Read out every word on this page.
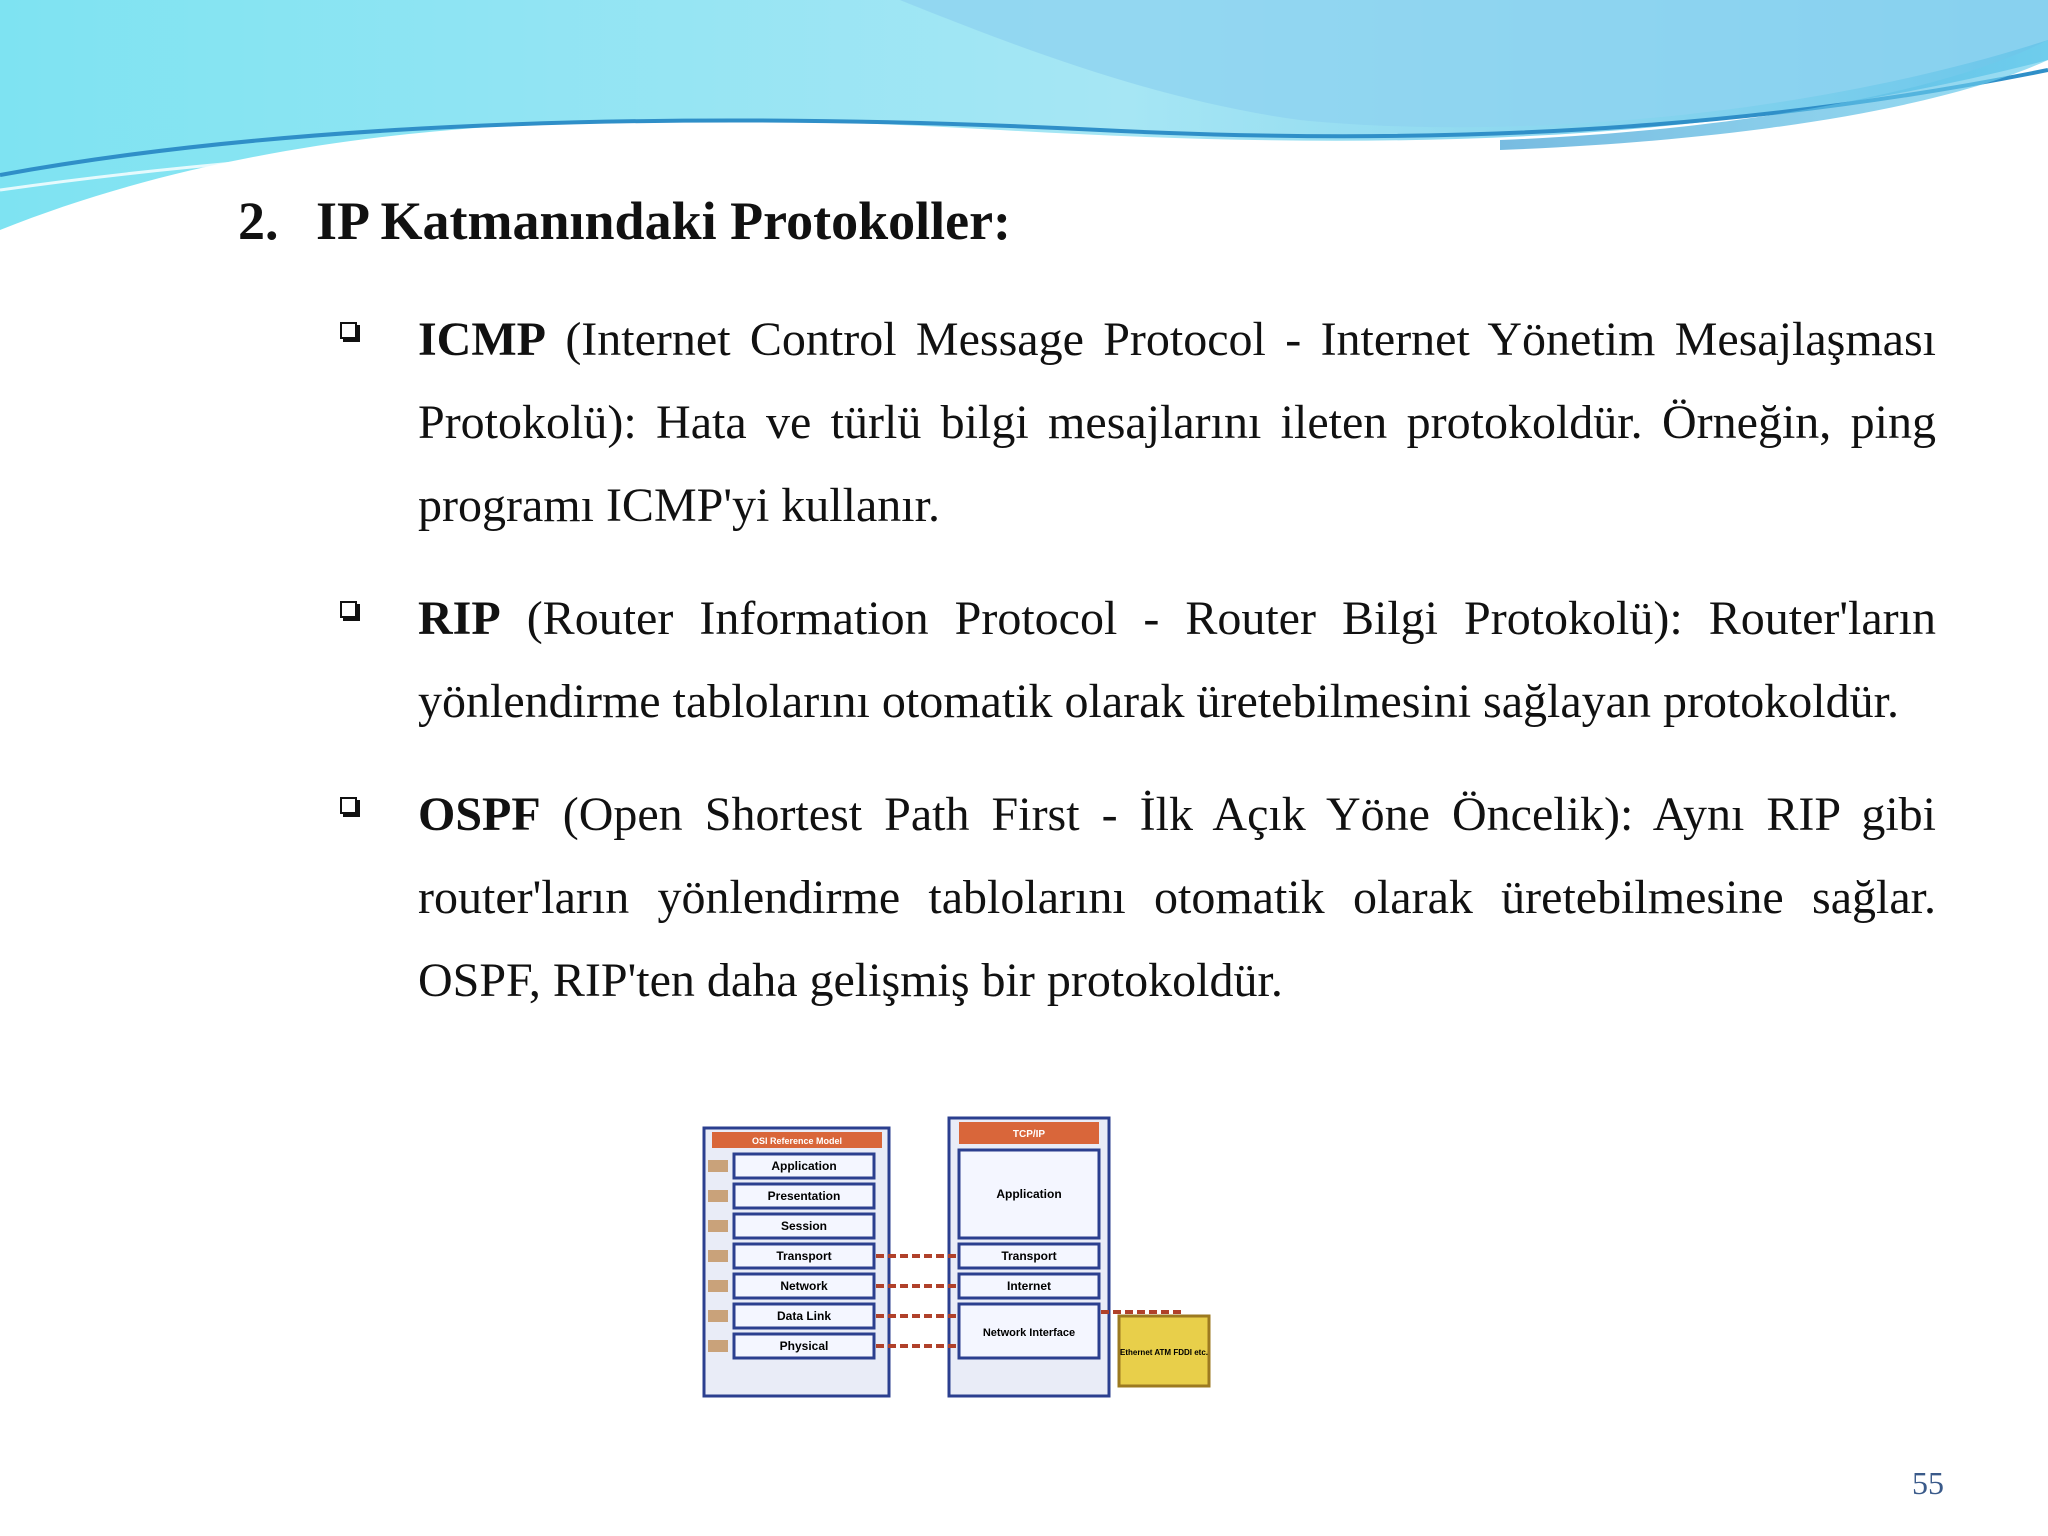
2. IP Katmanındaki Protokoller:

ICMP (Internet Control Message Protocol - Internet Yönetim Mesajlaşması Protokolü): Hata ve türlü bilgi mesajlarını ileten protokoldür. Örneğin, ping programı ICMP'yi kullanır.

RIP (Router Information Protocol - Router Bilgi Protokolü): Router'ların yönlendirme tablolarını otomatik olarak üretebilmesini sağlayan protokoldür.

OSPF (Open Shortest Path First - İlk Açık Yöne Öncelik): Aynı RIP gibi router'ların yönlendirme tablolarını otomatik olarak üretebilmesine sağlar. OSPF, RIP'ten daha gelişmiş bir protokoldür.

OSI Reference Model
Application
Presentation
Session
Transport
Network
Data Link
Physical
TCP/IP
Application
Transport
Internet
Network Interface
Ethernet ATM FDDI etc.
55
